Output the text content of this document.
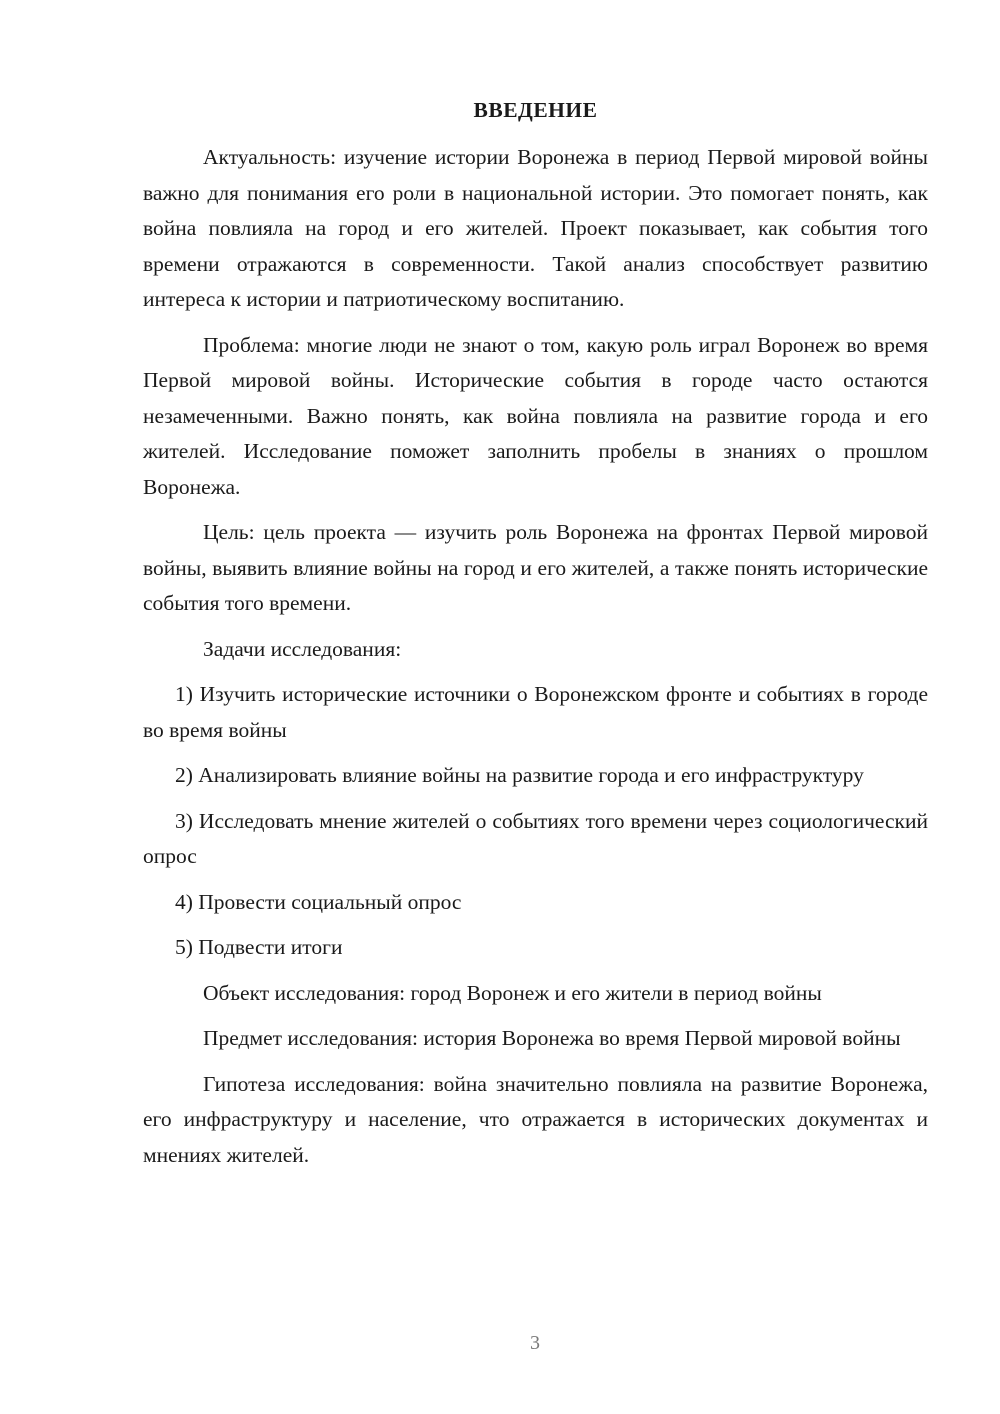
ВВЕДЕНИЕ

Актуальность: изучение истории Воронежа в период Первой мировой войны важно для понимания его роли в национальной истории. Это помогает понять, как война повлияла на город и его жителей. Проект показывает, как события того времени отражаются в современности. Такой анализ способствует развитию интереса к истории и патриотическому воспитанию.

Проблема: многие люди не знают о том, какую роль играл Воронеж во время Первой мировой войны. Исторические события в городе часто остаются незамеченными. Важно понять, как война повлияла на развитие города и его жителей. Исследование поможет заполнить пробелы в знаниях о прошлом Воронежа.

Цель: цель проекта — изучить роль Воронежа на фронтах Первой мировой войны, выявить влияние войны на город и его жителей, а также понять исторические события того времени.

Задачи исследования:

1) Изучить исторические источники о Воронежском фронте и событиях в городе во время войны

2) Анализировать влияние войны на развитие города и его инфраструктуру

3) Исследовать мнение жителей о событиях того времени через социологический опрос

4) Провести социальный опрос

5) Подвести итоги

Объект исследования: город Воронеж и его жители в период войны

Предмет исследования: история Воронежа во время Первой мировой войны

Гипотеза исследования: война значительно повлияла на развитие Воронежа, его инфраструктуру и население, что отражается в исторических документах и мнениях жителей.

3
